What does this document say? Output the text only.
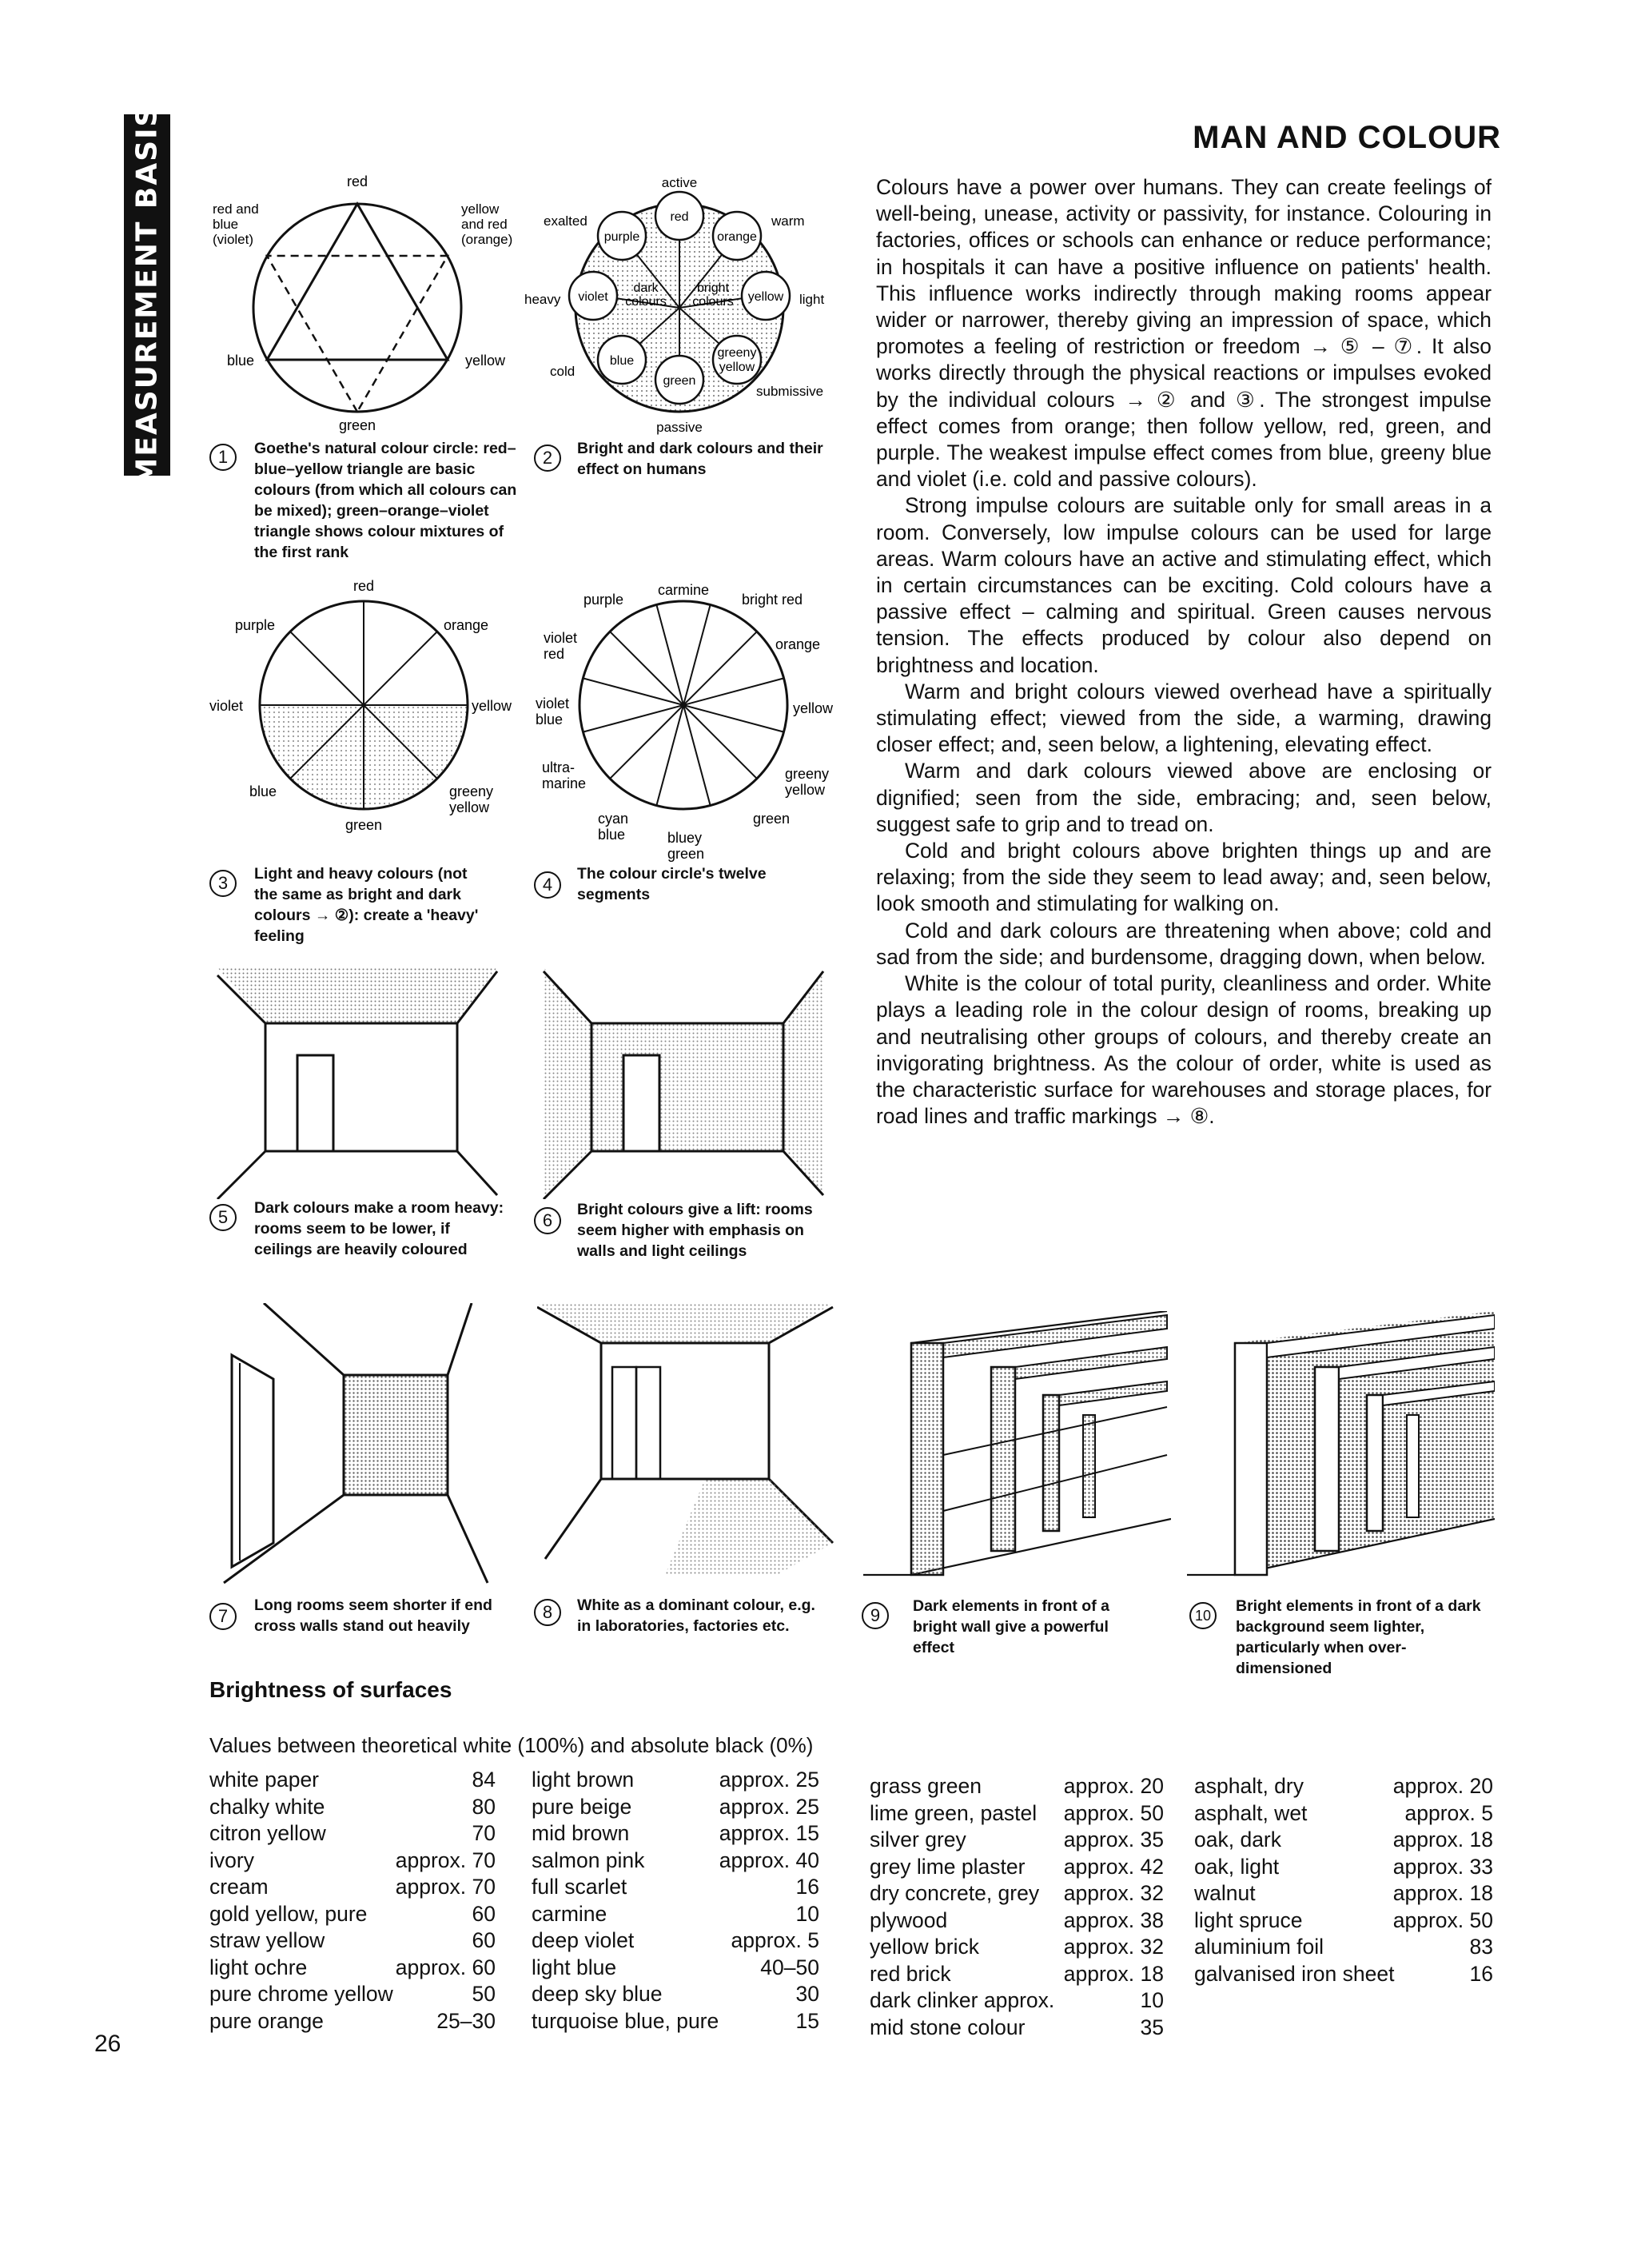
MEASUREMENT BASIS	MAN AND COLOUR

Colours have a power over humans. They can create feelings of well-being, unease, activity or passivity, for instance. Colouring in factories, offices or schools can enhance or reduce performance; in hospitals it can have a positive influence on patients' health. This influence works indirectly through making rooms appear wider or narrower, thereby giving an impression of space, which promotes a feeling of restriction or freedom → ⑤ – ⑦. It also works directly through the physical reactions or impulses evoked by the individual colours → ② and ③. The strongest impulse effect comes from orange; then follow yellow, red, green, and purple. The weakest impulse effect comes from blue, greeny blue and violet (i.e. cold and passive colours).

Strong impulse colours are suitable only for small areas in a room. Conversely, low impulse colours can be used for large areas. Warm colours have an active and stimulating effect, which in certain circumstances can be exciting. Cold colours have a passive effect – calming and spiritual. Green causes nervous tension. The effects produced by colour also depend on brightness and location.

Warm and bright colours viewed overhead have a spiritually stimulating effect; viewed from the side, a warming, drawing closer effect; and, seen below, a lightening, elevating effect.

Warm and dark colours viewed above are enclosing or dignified; seen from the side, embracing; and, seen below, suggest safe to grip and to tread on.

Cold and bright colours above brighten things up and are relaxing; from the side they seem to lead away; and, seen below, look smooth and stimulating for walking on.

Cold and dark colours are threatening when above; cold and sad from the side; and burdensome, dragging down, when below.

White is the colour of total purity, cleanliness and order. White plays a leading role in the colour design of rooms, breaking up and neutralising other groups of colours, and thereby create an invigorating brightness. As the colour of order, white is used as the characteristic surface for warehouses and storage places, for road lines and traffic markings → ⑧.

red
red and
blue
(violet)
yellow
and red
(orange)
blue	yellow
green
1	Goethe's natural colour circle: red–blue–yellow triangle are basic colours (from which all colours can be mixed); green–orange–violet triangle shows colour mixtures of the first rank
active
exalted	warm
heavy	light
cold
submissive
passive
red
purple	orange
violet	yellow
blue
greeny
yellow
green
dark
colours
bright
colours
2	Bright and dark colours and their effect on humans
red
purple	orange
violet	yellow
blue	greeny
yellow
green
3	Light and heavy colours (not the same as bright and dark colours → ②): create a 'heavy' feeling
carmine
purple	bright red
violet
red
orange
violet
blue
yellow
ultra-
marine
greeny
yellow
green
cyan
blue	bluey
green
4
The colour circle's twelve segments
5	Dark colours make a room heavy: rooms seem to be lower, if ceilings are heavily coloured
6
Bright colours give a lift: rooms seem higher with emphasis on walls and light ceilings
7
Long rooms seem shorter if end cross walls stand out heavily
8	White as a dominant colour, e.g. in laboratories, factories etc.
9	Dark elements in front of a bright wall give a powerful effect
10
Bright elements in front of a dark background seem lighter, particularly when over-dimensioned
Brightness of surfaces
Values between theoretical white (100%) and absolute black (0%)
white paper	84
chalky white	80
citron yellow	70
ivory	approx. 70
cream	approx. 70
gold yellow, pure	60
straw yellow	60
light ochre	approx. 60
pure chrome yellow	50
pure orange	25–30
light brown	approx. 25
pure beige	approx. 25
mid brown	approx. 15
salmon pink	approx. 40
full scarlet	16
carmine	10
deep violet	approx. 5
light blue	40–50
deep sky blue	30
turquoise blue, pure	15
grass green	approx. 20
lime green, pastel approx. 50
silver grey	approx. 35
grey lime plaster approx. 42
dry concrete, grey approx. 32
plywood	approx. 38
yellow brick	approx. 32
red brick	approx. 18
dark clinker approx.	10
mid stone colour	35
asphalt, dry	approx. 20
asphalt, wet	approx. 5
oak, dark	approx. 18
oak, light	approx. 33
walnut	approx. 18
light spruce	approx. 50
aluminium foil	83
galvanised iron sheet	16
26
